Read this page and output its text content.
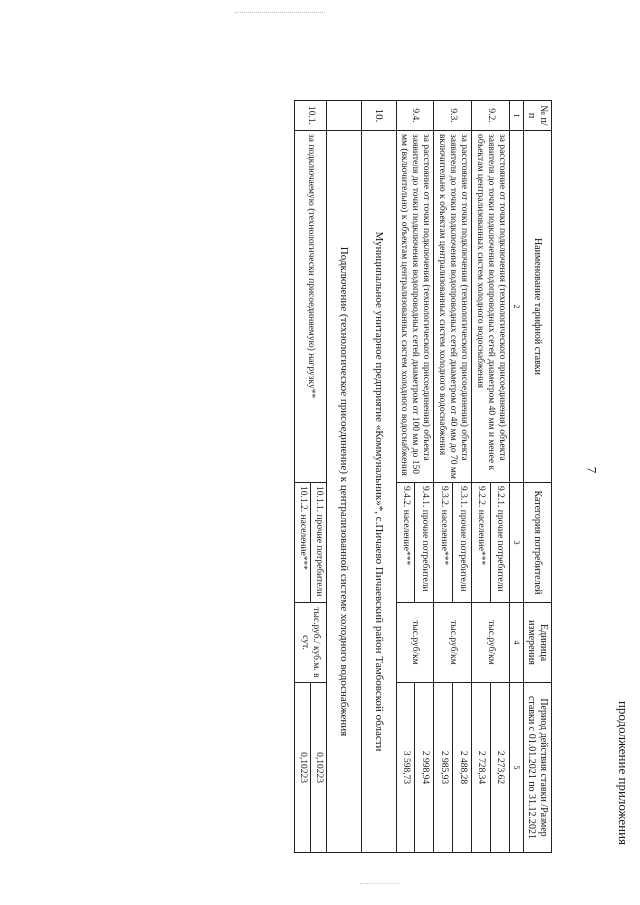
7
продолжение приложения
№ п/п	Наименование тарифной ставки	Категория потребителей	Единица измерения	Период действия ставки /Размер ставки с 01.01.2021 по 31.12.2021
1	2	3	4	5
9.2.	за расстояние от точки подключения (технологического присоединения) объекта заявителя до точки подключения водопроводных сетей диаметром 40 мм и менее к объектам централизованных систем холодного водоснабжения	9.2.1. прочие потребители	тыс.руб/км	2 273,62
		9.2.2. население***		2 728,34
9.3.	за расстояние от точки подключения (технологического присоединения) объекта заявителя до точки подключения водопроводных сетей диаметром от 40 мм до 70 мм включительно к объектам централизованных систем холодного водоснабжения	9.3.1. прочие потребители	тыс.руб/км	2 488,28
		9.3.2. население***		2 985,93
9.4.	за расстояние от точки подключения (технологического присоединения) объекта заявителя до точки подключения водопроводных сетей диаметром от 100 мм до 150 мм (включительно) к объектам централизованных систем холодного водоснабжения	9.4.1. прочие потребители	тыс.руб/км	2 998,94
		9.4.2. население***		3 598,73
10.	Муниципальное унитарное предприятие «Коммунальник»*, с.Пичаево Пичаевский район Тамбовской области			
	Подключение (технологическое присоединение) к централизованной системе холодного водоснабжения			
10.1.	за подключаемую (технологически присоединяемую) нагрузку**	10.1.1. прочие потребители	тыс.руб./ куб.м. в сут.	0,10223
		10.1.2. население***		0,10223
